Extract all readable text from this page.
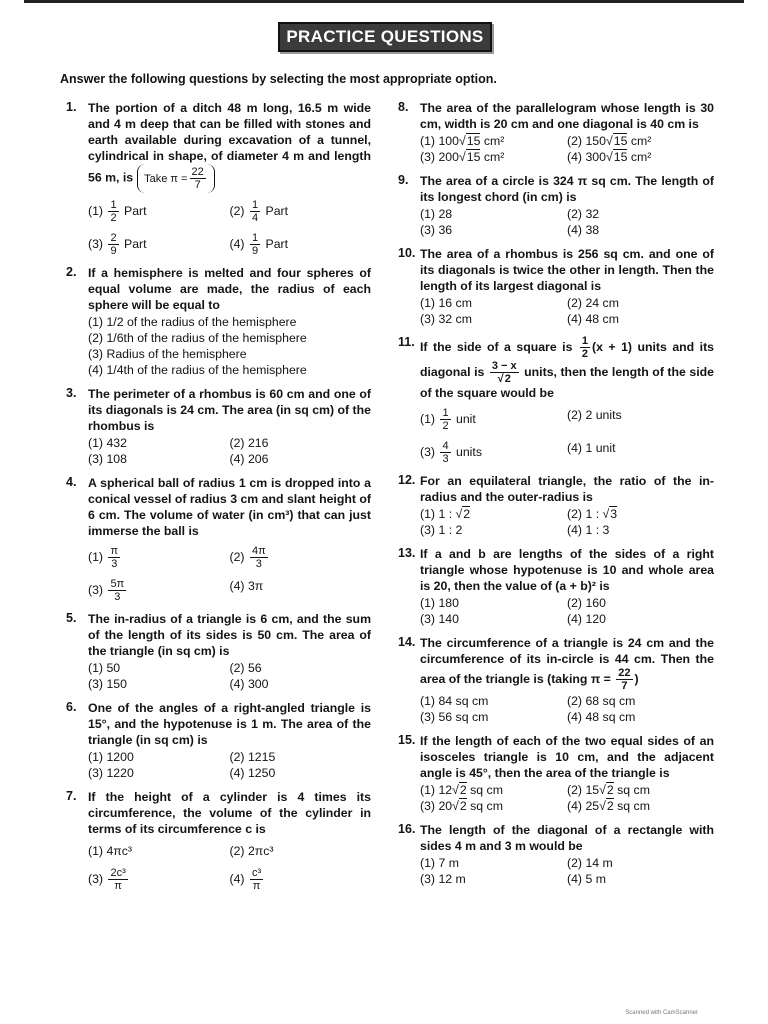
PRACTICE QUESTIONS
Answer the following questions by selecting the most appropriate option.
1. The portion of a ditch 48 m long, 16.5 m wide and 4 m deep that can be filled with stones and earth available during excavation of a tunnel, cylindrical in shape, of diameter 4 m and length 56 m, is Take $\pi = \frac{22}{7}$
$(1) \frac{1}{2}$ Part	$(2) \frac{1}{4}$ Part
$(3) \frac{2}{9}$ Part	$(4) \frac{1}{9}$ Part
2. If a hemisphere is melted and four spheres of equal volume are made, the radius of each sphere will be equal to
(1) 1/2 of the radius of the hemisphere
(2) 1/6th of the radius of the hemisphere
(3) Radius of the hemisphere
(4) 1/4th of the radius of the hemisphere
3. The perimeter of a rhombus is 60 cm and one of its diagonals is 24 cm. The area (in sq cm) of the rhombus is
(1) 432	(2) 216
(3) 108	(4) 206
4. A spherical ball of radius 1 cm is dropped into a conical vessel of radius 3 cm and slant height of 6 cm. The volume of water (in cm³) that can just immerse the ball is
$(1) \frac{\pi}{3}$	$(2) \frac{4\pi}{3}$
$(3) \frac{5\pi}{3}$	(4) 3π
5. The in-radius of a triangle is 6 cm, and the sum of the length of its sides is 50 cm. The area of the triangle (in sq cm) is
(1) 50	(2) 56
(3) 150	(4) 300
6. One of the angles of a right-angled triangle is 15°, and the hypotenuse is 1 m. The area of the triangle (in sq cm) is
(1) 1200	(2) 1215
(3) 1220	(4) 1250
7. If the height of a cylinder is 4 times its circumference, the volume of the cylinder in terms of its circumference c is
(1) 4πc³	(2) 2πc³
$(3) \frac{\text{2c³}}{\pi}$	$(4) \frac{\text{c³}}{\pi}$
8. The area of the parallelogram whose length is 30 cm, width is 20 cm and one diagonal is 40 cm is
(1) 100√15 cm²	(2) 150√15 cm²
(3) 200√15 cm²	(4) 300√15 cm²
9. The area of a circle is 324 π sq cm. The length of its longest chord (in cm) is
(1) 28	(2) 32
(3) 36	(4) 38
10. The area of a rhombus is 256 sq cm. and one of its diagonals is twice the other in length. Then the length of its largest diagonal is
(1) 16 cm	(2) 24 cm
(3) 32 cm	(4) 48 cm
11. If the side of a square is $\frac{1}{2} (x + 1)$ units and its diagonal is $\frac{3 - x}{√2}$ units, then the length of the side of the square would be
$(1) \frac{1}{2}$ unit	(2) 2 units
$(3) \frac{4}{3}$ units	(4) 1 unit
12. For an equilateral triangle, the ratio of the in-radius and the outer-radius is
(1) 1 : √2	(2) 1 : √3
(3) 1 : 2	(4) 1 : 3
13. If a and b are lengths of the sides of a right triangle whose hypotenuse is 10 and whole area is 20, then the value of (a + b)² is
(1) 180	(2) 160
(3) 140	(4) 120
14. The circumference of a triangle is 24 cm and the circumference of its in-circle is 44 cm. Then the area of the triangle is (taking $\pi = \frac{22}{7}$ )
(1) 84 sq cm	(2) 68 sq cm
(3) 56 sq cm	(4) 48 sq cm
15. If the length of each of the two equal sides of an isosceles triangle is 10 cm, and the adjacent angle is 45°, then the area of the triangle is
(1) 12√2 sq cm	(2) 15√2 sq cm
(3) 20√2 sq cm	(4) 25√2 sq cm
16. The length of the diagonal of a rectangle with sides 4 m and 3 m would be
(1) 7 m	(2) 14 m
(3) 12 m	(4) 5 m
Scanned with CamScanner
